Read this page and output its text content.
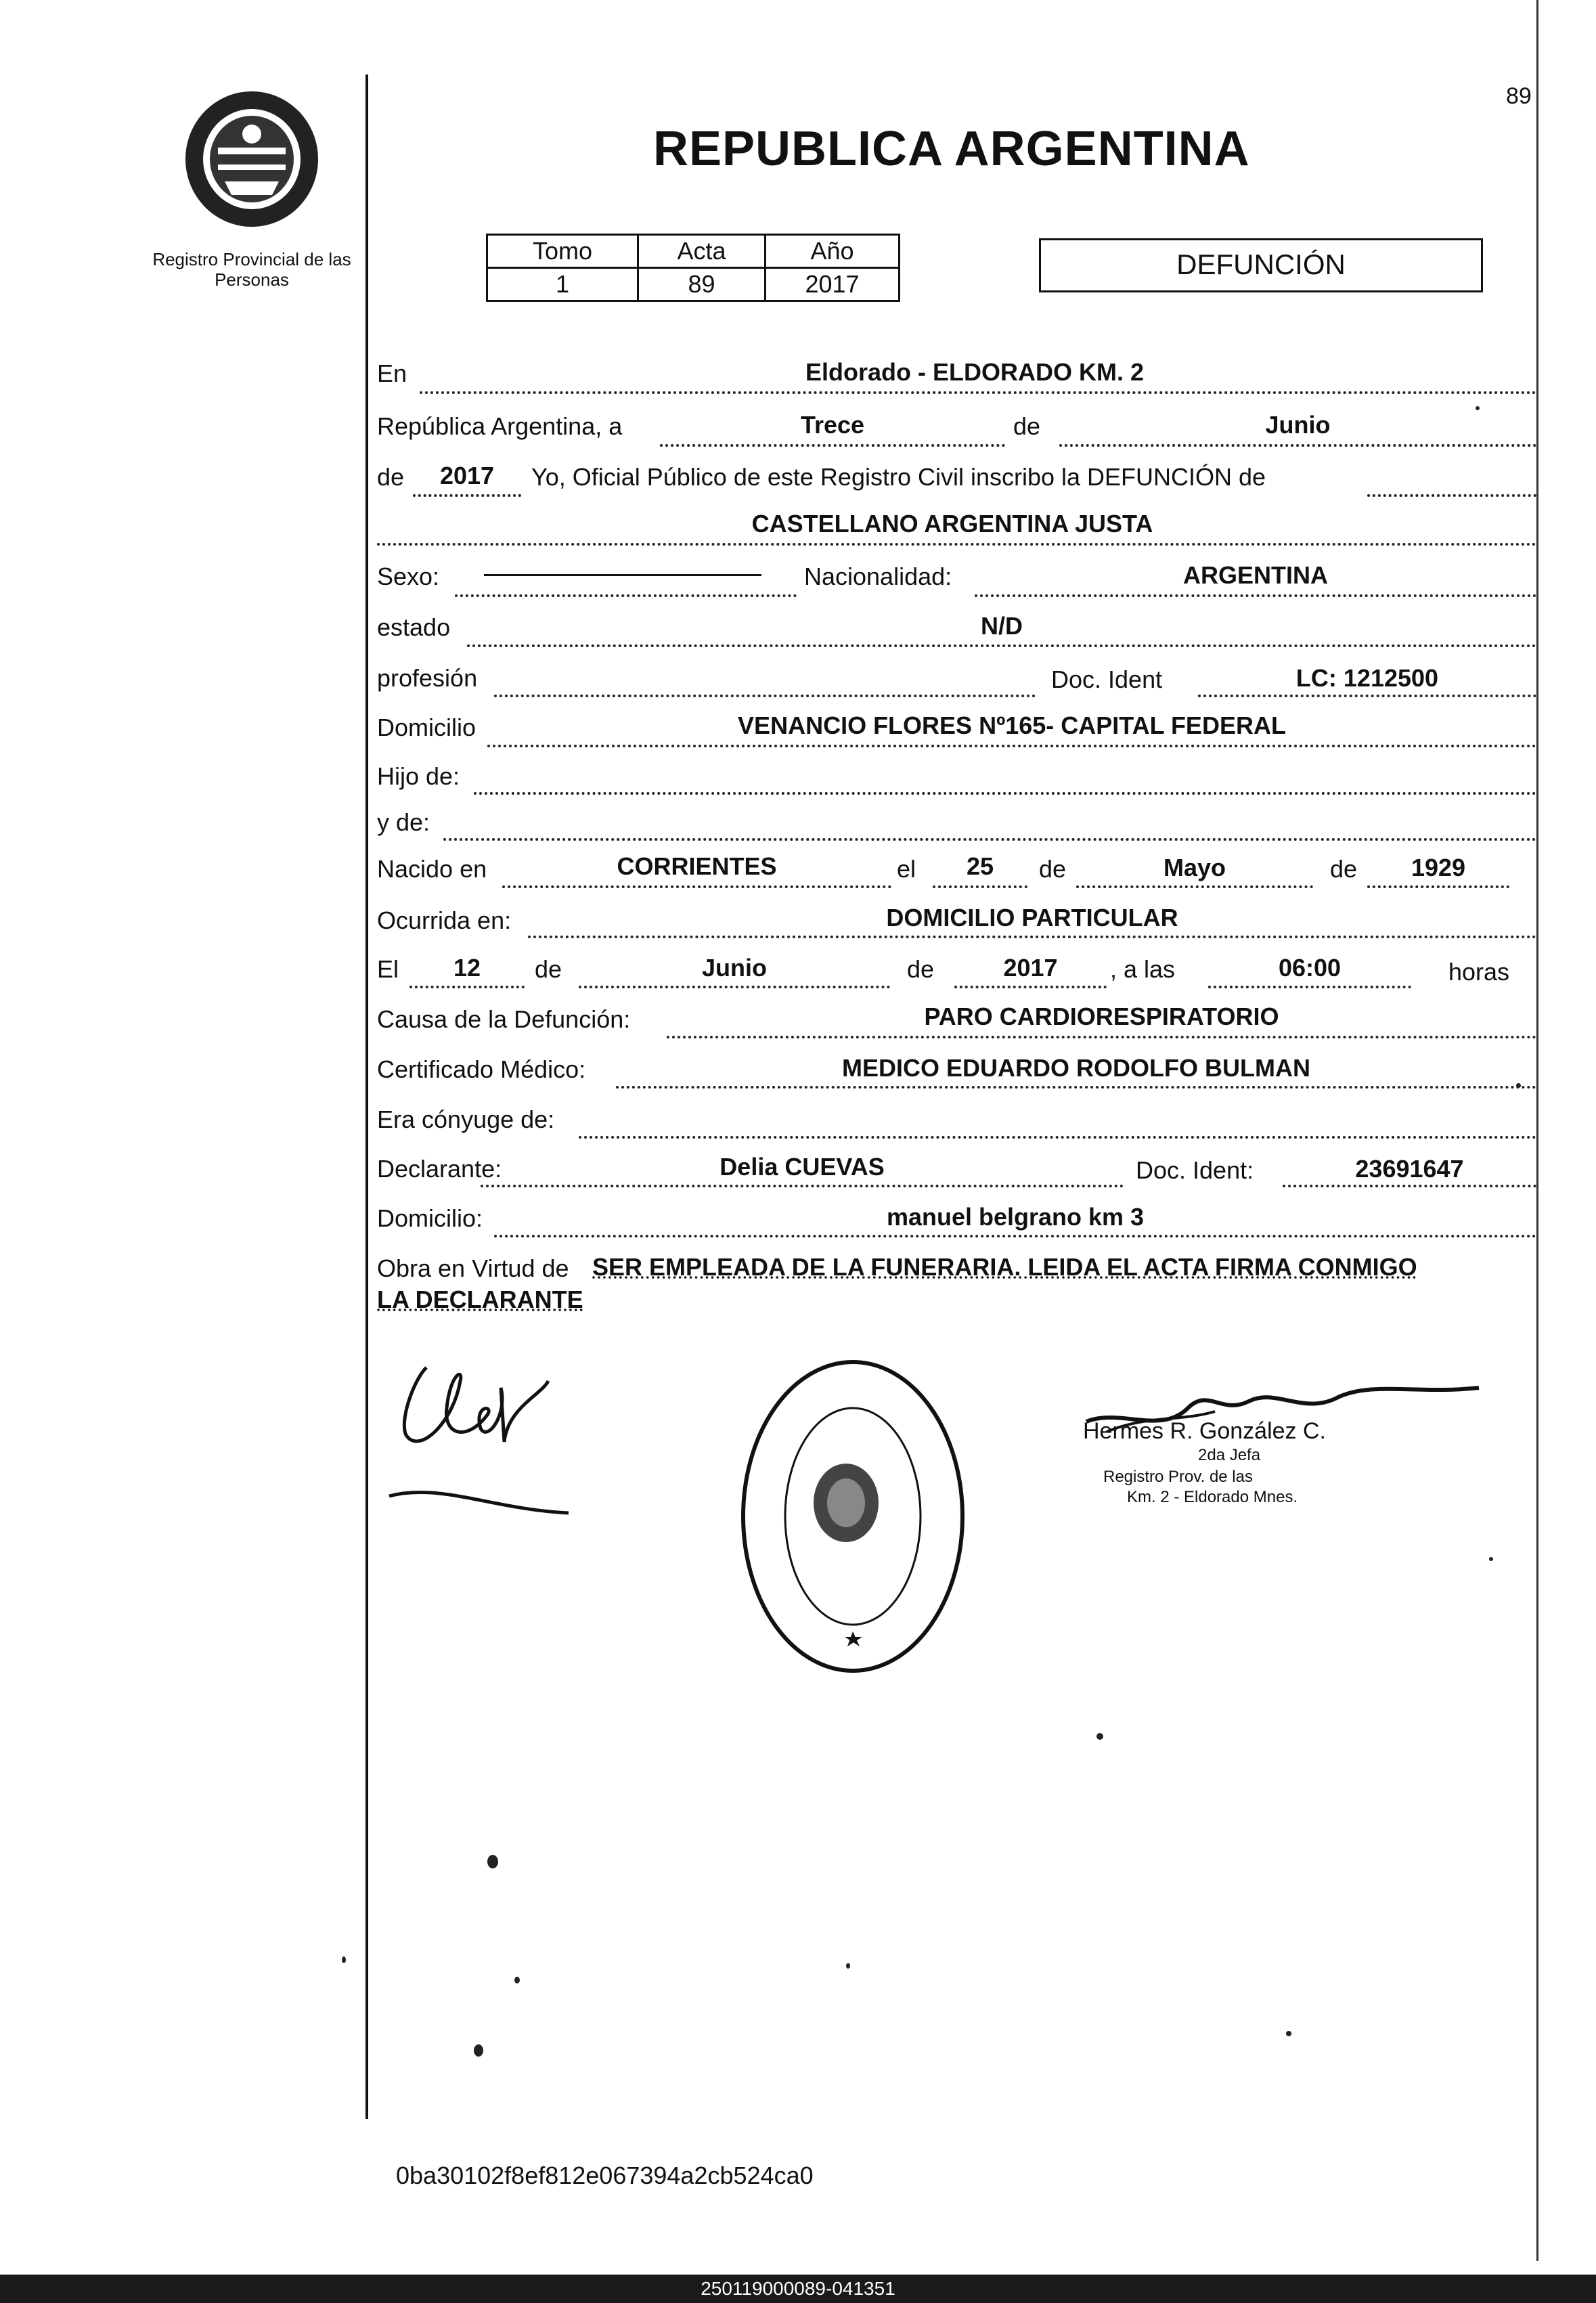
Registro Provincial de las Personas
REPUBLICA ARGENTINA
89
Tomo	Acta	Año
1	89	2017
DEFUNCIÓN
En	Eldorado - ELDORADO KM. 2
República Argentina, a	Trece	de	Junio
de	2017	Yo, Oficial Público de este Registro Civil inscribo la DEFUNCIÓN de
CASTELLANO ARGENTINA JUSTA
Sexo:	Nacionalidad:	ARGENTINA
estado	N/D
profesión	Doc. Ident	LC: 1212500
Domicilio	VENANCIO FLORES Nº165- CAPITAL FEDERAL
Hijo de:
y de:
Nacido en	CORRIENTES	el	25	de	Mayo	de	1929
Ocurrida en:	DOMICILIO PARTICULAR
El	12	de	Junio	de	2017	, a las	06:00	horas
Causa de la Defunción:	PARO CARDIORESPIRATORIO
Certificado Médico:	MEDICO EDUARDO RODOLFO BULMAN
Era cónyuge de:
Declarante:	Delia CUEVAS	Doc. Ident:	23691647
Domicilio:	manuel belgrano km 3
Obra en Virtud de SER EMPLEADA DE LA FUNERARIA. LEIDA EL ACTA FIRMA CONMIGO
LA DECLARANTE
Hermes R. González C.
2da Jefa
Registro Prov. de las
Km. 2 - Eldorado Mnes.
0ba30102f8ef812e067394a2cb524ca0
250119000089-041351
